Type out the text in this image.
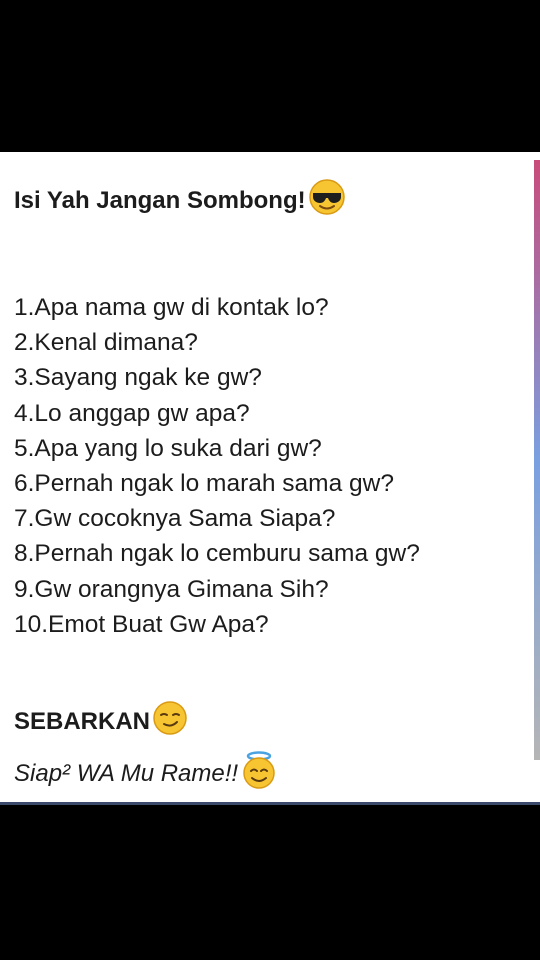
Isi Yah Jangan Sombong!
1.Apa nama gw di kontak lo?
2.Kenal dimana?
3.Sayang ngak ke gw?
4.Lo anggap gw apa?
5.Apa yang lo suka dari gw?
6.Pernah ngak lo marah sama gw?
7.Gw cocoknya Sama Siapa?
8.Pernah ngak lo cemburu sama gw?
9.Gw orangnya Gimana Sih?
10.Emot Buat Gw Apa?
SEBARKAN
Siap² WA Mu Rame!!
